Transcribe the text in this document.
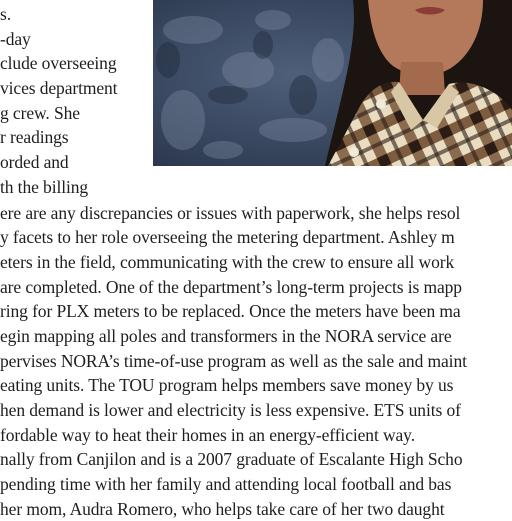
s.
-day
clude overseeing
vices department
g crew. She
r readings
orded and
th the billing
ere are any discrepancies or issues with paperwork, she helps resol
y facets to her role overseeing the metering department. Ashley m
eters in the field, communicating with the crew to ensure all work
are completed. One of the department’s long-term projects is mapp
ring for PLX meters to be replaced. Once the meters have been ma
egin mapping all poles and transformers in the NORA service are
pervises NORA’s time-of-use program as well as the sale and maint
eating units. The TOU program helps members save money by us
hen demand is lower and electricity is less expensive. ETS units of
fordable way to heat their homes in an energy-efficient way.
nally from Canjilon and is a 2007 graduate of Escalante High Scho
pending time with her family and attending local football and bas
her mom, Audra Romero, who helps take care of her two daught
